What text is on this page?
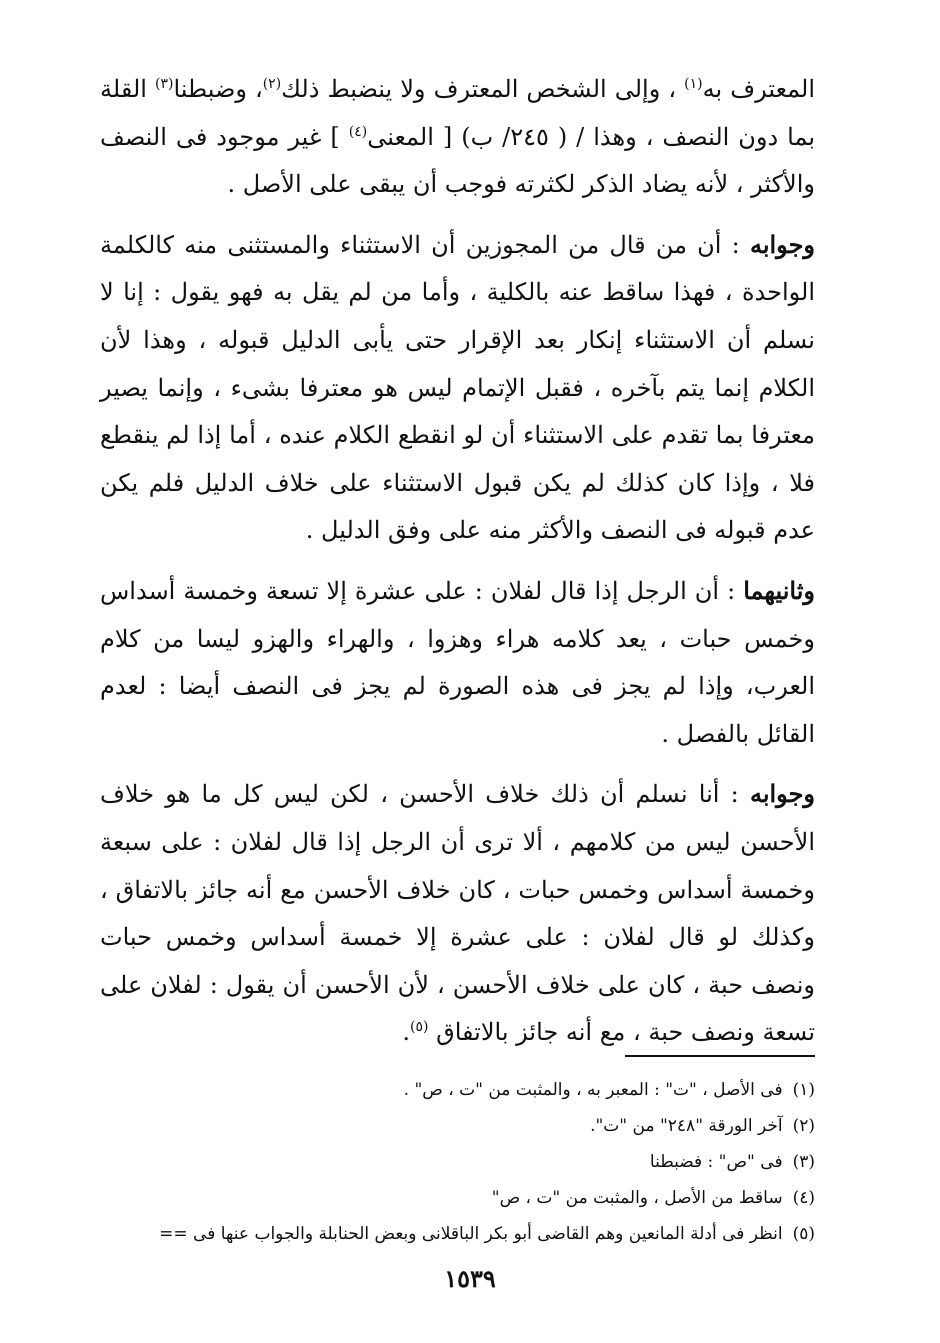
المعترف به$^{(١)}$ ، وإلى الشخص المعترف ولا ينضبط ذلك$^{(٢)}$، وضبطنا$^{(٣)}$ القلة بما دون النصف ، وهذا / ( ٢٤٥/ ب) [ المعنى$^{(٤)}$ ] غير موجود فى النصف والأكثر ، لأنه يضاد الذكر لكثرته فوجب أن يبقى على الأصل .

وجوابه : أن من قال من المجوزين أن الاستثناء والمستثنى منه كالكلمة الواحدة ، فهذا ساقط عنه بالكلية ، وأما من لم يقل به فهو يقول : إنا لا نسلم أن الاستثناء إنكار بعد الإقرار حتى يأبى الدليل قبوله ، وهذا لأن الكلام إنما يتم بآخره ، فقبل الإتمام ليس هو معترفا بشىء ، وإنما يصير معترفا بما تقدم على الاستثناء أن لو انقطع الكلام عنده ، أما إذا لم ينقطع فلا ، وإذا كان كذلك لم يكن قبول الاستثناء على خلاف الدليل فلم يكن عدم قبوله فى النصف والأكثر منه على وفق الدليل .

وثانيهما : أن الرجل إذا قال لفلان : على عشرة إلا تسعة وخمسة أسداس وخمس حبات ، يعد كلامه هراء وهزوا ، والهراء والهزو ليسا من كلام العرب، وإذا لم يجز فى هذه الصورة لم يجز فى النصف أيضا : لعدم القائل بالفصل .

وجوابه : أنا نسلم أن ذلك خلاف الأحسن ، لكن ليس كل ما هو خلاف الأحسن ليس من كلامهم ، ألا ترى أن الرجل إذا قال لفلان : على سبعة وخمسة أسداس وخمس حبات ، كان خلاف الأحسن مع أنه جائز بالاتفاق ، وكذلك لو قال لفلان : على عشرة إلا خمسة أسداس وخمس حبات ونصف حبة ، كان على خلاف الأحسن ، لأن الأحسن أن يقول : لفلان على تسعة ونصف حبة ، مع أنه جائز بالاتفاق $^{(٥)}$.

(١)فى الأصل ، "ت" : المعبر به ، والمثبت من "ت ، ص" .

(٢)آخر الورقة "٢٤٨" من "ت".

(٣)فى "ص" : فضبطنا

(٤)ساقط من الأصل ، والمثبت من "ت ، ص"

(٥)انظر فى أدلة المانعين وهم القاضى أبو بكر الباقلانى وبعض الحنابلة والجواب عنها فى ==

١٥٣٩
